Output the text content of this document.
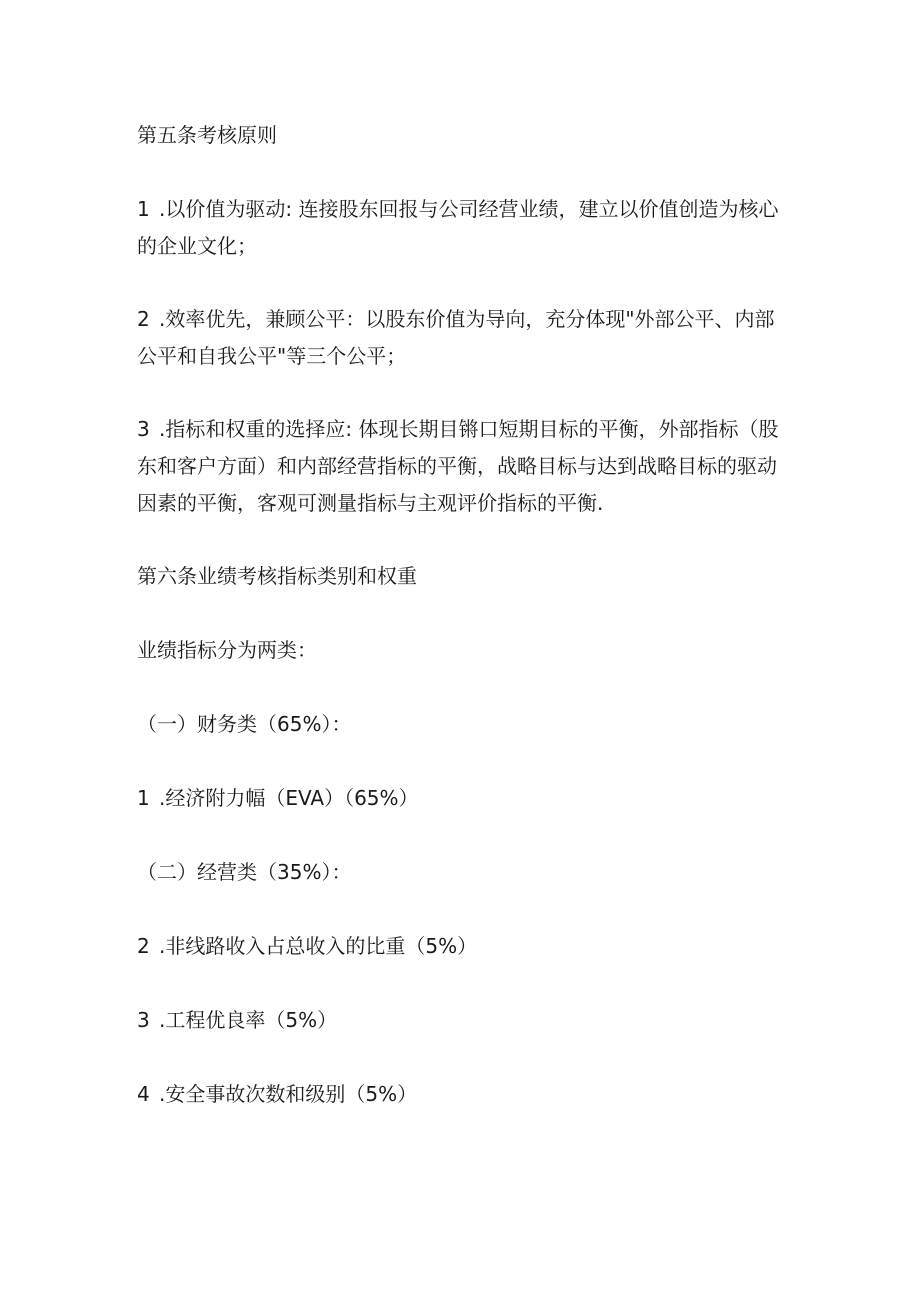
第五条考核原则

1 .以价值为驱动: 连接股东回报与公司经营业绩，建立以价值创造为核心的企业文化；

2 .效率优先，兼顾公平：以股东价值为导向，充分体现"外部公平、内部公平和自我公平"等三个公平；

3 .指标和权重的选择应: 体现长期目锵口短期目标的平衡，外部指标（股东和客户方面）和内部经营指标的平衡，战略目标与达到战略目标的驱动因素的平衡，客观可测量指标与主观评价指标的平衡.

第六条业绩考核指标类别和权重

业绩指标分为两类：

（一）财务类（65%）：

1 .经济附力幅（EVA）（65%）

（二）经营类（35%）：

2 .非线路收入占总收入的比重（5%）

3 .工程优良率（5%）

4 .安全事故次数和级别（5%）
